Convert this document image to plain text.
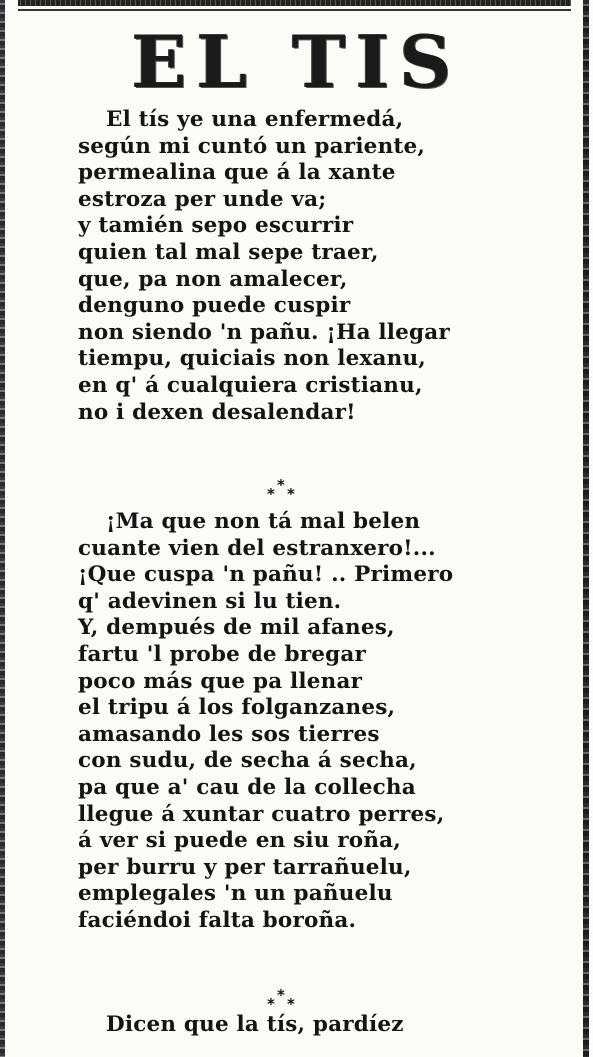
EL TIS
El tís ye una enfermedá,
según mi cuntó un pariente,
permealina que á la xante
estroza per unde va;
y tamién sepo escurrir
quien tal mal sepe traer,
que, pa non amalecer,
denguno puede cuspir
non siendo 'n pañu. ¡Ha llegar
tiempu, quiciais non lexanu,
en q' á cualquiera cristianu,
no i dexen desalendar!
* * *
¡Ma que non tá mal belen
cuante vien del estranxero!...
¡Que cuspa 'n pañu! .. Primero
q' adevinen si lu tien.
Y, dempués de mil afanes,
fartu 'l probe de bregar
poco más que pa llenar
el tripu á los folganzanes,
amasando les sos tierres
con sudu, de secha á secha,
pa que a' cau de la collecha
llegue á xuntar cuatro perres,
á ver si puede en siu roña,
per burru y per tarrañuelu,
emplegales 'n un pañuelu
faciéndoi falta boroña.
* * *
Dicen que la tís, pardíez
